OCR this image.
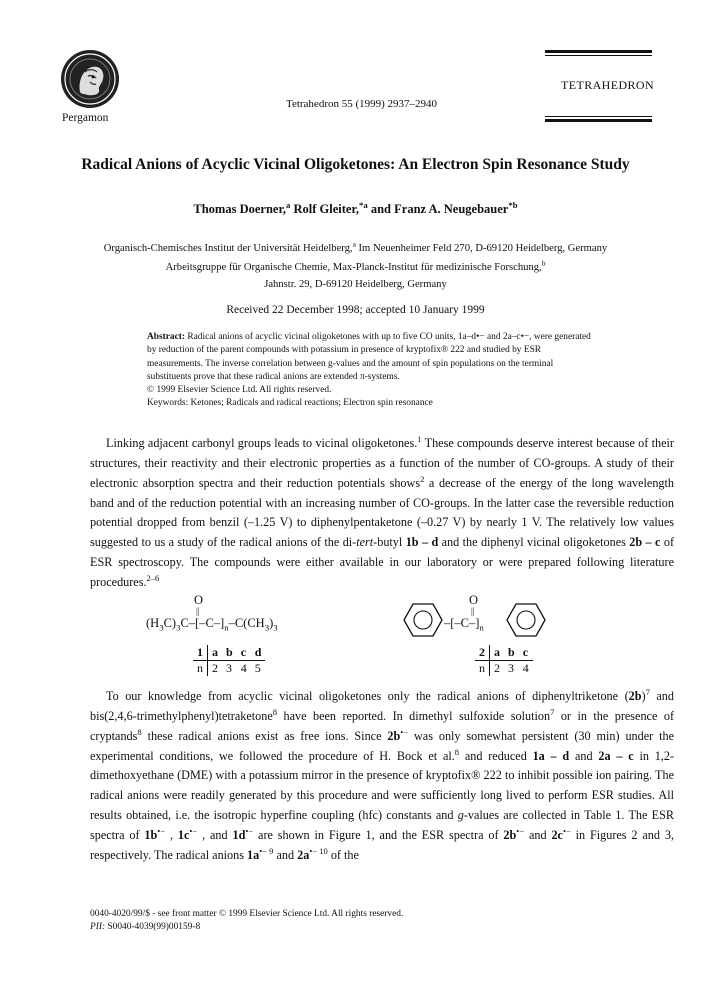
Pergamon
Tetrahedron 55 (1999) 2937–2940
TETRAHEDRON
Radical Anions of Acyclic Vicinal Oligoketones: An Electron Spin Resonance Study
Thomas Doerner,$^a$ Rolf Gleiter,$^{*a}$ and Franz A. Neugebauer$^{*b}$
Organisch-Chemisches Institut der Universität Heidelberg,$^a$ Im Neuenheimer Feld 270, D-69120 Heidelberg, Germany
Arbeitsgruppe für Organische Chemie, Max-Planck-Institut für medizinische Forschung,$^b$
Jahnstr. 29, D-69120 Heidelberg, Germany
Received 22 December 1998; accepted 10 January 1999

Abstract: Radical anions of acyclic vicinal oligoketones with up to five CO units, 1a–d•− and 2a–c•−, were generated by reduction of the parent compounds with potassium in presence of kryptofix® 222 and studied by ESR measurements. The inverse correlation between g-values and the amount of spin populations on the terminal substituents prove that these radical anions are extended π-systems.

© 1999 Elsevier Science Ltd. All rights reserved.

Keywords: Ketones; Radicals and radical reactions; Electron spin resonance

Linking adjacent carbonyl groups leads to vicinal oligoketones.$^1$ These compounds deserve interest because of their structures, their reactivity and their electronic properties as a function of the number of CO-groups. A study of their electronic absorption spectra and their reduction potentials shows$^2$ a decrease of the energy of the long wavelength band and of the reduction potential with an increasing number of CO-groups. In the latter case the reversible reduction potential dropped from benzil (–1.25 V) to diphenylpentaketone (–0.27 V) by nearly 1 V. The relatively low values suggested to us a study of the radical anions of the di-tert-butyl 1b – d and the diphenyl vicinal oligoketones 2b – c of ESR spectroscopy. The compounds were either available in our laboratory or were prepared following literature procedures.$^{2-6}$

O
||
$(H_3C)_3C-[-C-]_n-C(CH_3)_3$
1	a	b	c	d
n	2	3	4	5
O
||
$-[-C-]_n$
2	a	b	c
n	2	3	4

To our knowledge from acyclic vicinal oligoketones only the radical anions of diphenyltriketone $(2b)^7$ and bis(2,4,6-trimethylphenyl)tetraketone$^8$ have been reported. In dimethyl sulfoxide solution$^7$ or in the presence of cryptands$^8$ these radical anions exist as free ions. Since 2b•− was only somewhat persistent (30 min) under the experimental conditions, we followed the procedure of H. Bock et al.$^8$ and reduced 1a – d and 2a – c in 1,2-dimethoxyethane (DME) with a potassium mirror in the presence of kryptofix® 222 to inhibit possible ion pairing. The radical anions were readily generated by this procedure and were sufficiently long lived to perform ESR studies. All results obtained, i.e. the isotropic hyperfine coupling (hfc) constants and g-values are collected in Table 1. The ESR spectra of 1b•− , 1c•− , and 1d•− are shown in Figure 1, and the ESR spectra of 2b•− and 2c•− in Figures 2 and 3, respectively. The radical anions $1a^{•- 9}$ and $2a^{•- 10}$ of the

0040-4020/99/$ - see front matter © 1999 Elsevier Science Ltd. All rights reserved.
PII: S0040-4039(99)00159-8
